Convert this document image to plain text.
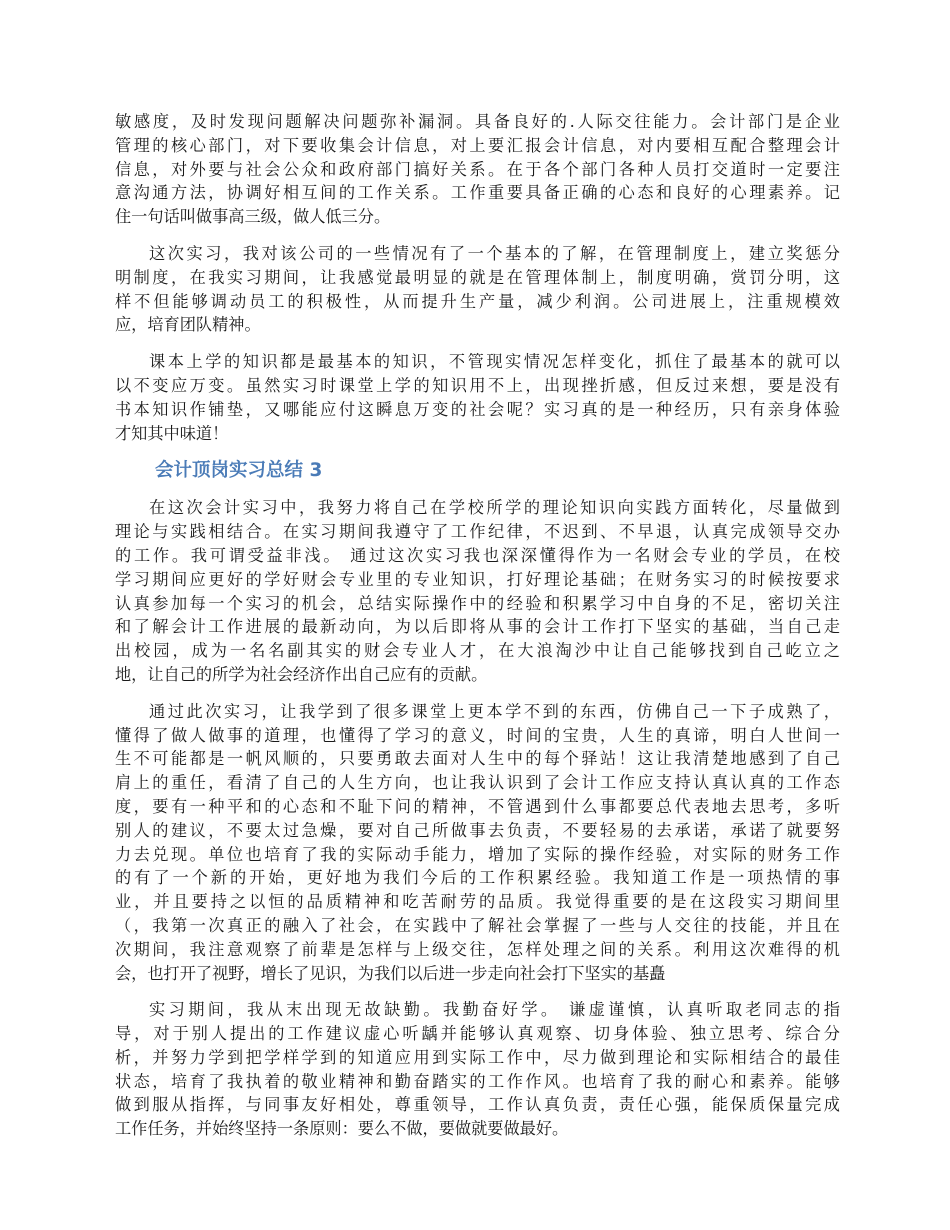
敏感度，及时发现问题解决问题弥补漏洞。具备良好的.人际交往能力。会计部门是企业
管理的核心部门，对下要收集会计信息，对上要汇报会计信息，对内要相互配合整理会计
信息，对外要与社会公众和政府部门搞好关系。在于各个部门各种人员打交道时一定要注
意沟通方法，协调好相互间的工作关系。工作重要具备正确的心态和良好的心理素养。记
住一句话叫做事高三级，做人低三分。
这次实习，我对该公司的一些情况有了一个基本的了解，在管理制度上，建立奖惩分
明制度，在我实习期间，让我感觉最明显的就是在管理体制上，制度明确，赏罚分明，这
样不但能够调动员工的积极性，从而提升生产量，减少利润。公司进展上，注重规模效
应，培育团队精神。
课本上学的知识都是最基本的知识，不管现实情况怎样变化，抓住了最基本的就可以
以不变应万变。虽然实习时课堂上学的知识用不上，出现挫折感，但反过来想，要是没有
书本知识作铺垫，又哪能应付这瞬息万变的社会呢？实习真的是一种经历，只有亲身体验
才知其中味道！
会计顶岗实习总结 3
在这次会计实习中，我努力将自己在学校所学的理论知识向实践方面转化，尽量做到
理论与实践相结合。在实习期间我遵守了工作纪律，不迟到、不早退，认真完成领导交办
的工作。我可谓受益非浅。 通过这次实习我也深深懂得作为一名财会专业的学员，在校
学习期间应更好的学好财会专业里的专业知识，打好理论基础；在财务实习的时候按要求
认真参加每一个实习的机会，总结实际操作中的经验和积累学习中自身的不足，密切关注
和了解会计工作进展的最新动向，为以后即将从事的会计工作打下坚实的基础，当自己走
出校园，成为一名名副其实的财会专业人才，在大浪淘沙中让自己能够找到自己屹立之
地，让自己的所学为社会经济作出自己应有的贡献。
通过此次实习，让我学到了很多课堂上更本学不到的东西，仿佛自己一下子成熟了，
懂得了做人做事的道理，也懂得了学习的意义，时间的宝贵，人生的真谛，明白人世间一
生不可能都是一帆风顺的，只要勇敢去面对人生中的每个驿站！这让我清楚地感到了自己
肩上的重任，看清了自己的人生方向，也让我认识到了会计工作应支持认真认真的工作态
度，要有一种平和的心态和不耻下问的精神，不管遇到什么事都要总代表地去思考，多听
别人的建议，不要太过急燥，要对自己所做事去负责，不要轻易的去承诺，承诺了就要努
力去兑现。单位也培育了我的实际动手能力，增加了实际的操作经验，对实际的财务工作
的有了一个新的开始，更好地为我们今后的工作积累经验。我知道工作是一项热情的事
业，并且要持之以恒的品质精神和吃苦耐劳的品质。我觉得重要的是在这段实习期间里
（，我第一次真正的融入了社会，在实践中了解社会掌握了一些与人交往的技能，并且在
次期间，我注意观察了前辈是怎样与上级交往，怎样处理之间的关系。利用这次难得的机
会，也打开了视野，增长了见识，为我们以后进一步走向社会打下坚实的基矗
实习期间，我从末出现无故缺勤。我勤奋好学。 谦虚谨慎，认真听取老同志的指
导，对于别人提出的工作建议虚心听龋并能够认真观察、切身体验、独立思考、综合分
析，并努力学到把学样学到的知道应用到实际工作中，尽力做到理论和实际相结合的最佳
状态，培育了我执着的敬业精神和勤奋踏实的工作作风。也培育了我的耐心和素养。能够
做到服从指挥，与同事友好相处，尊重领导，工作认真负责，责任心强，能保质保量完成
工作任务，并始终坚持一条原则：要么不做，要做就要做最好。
